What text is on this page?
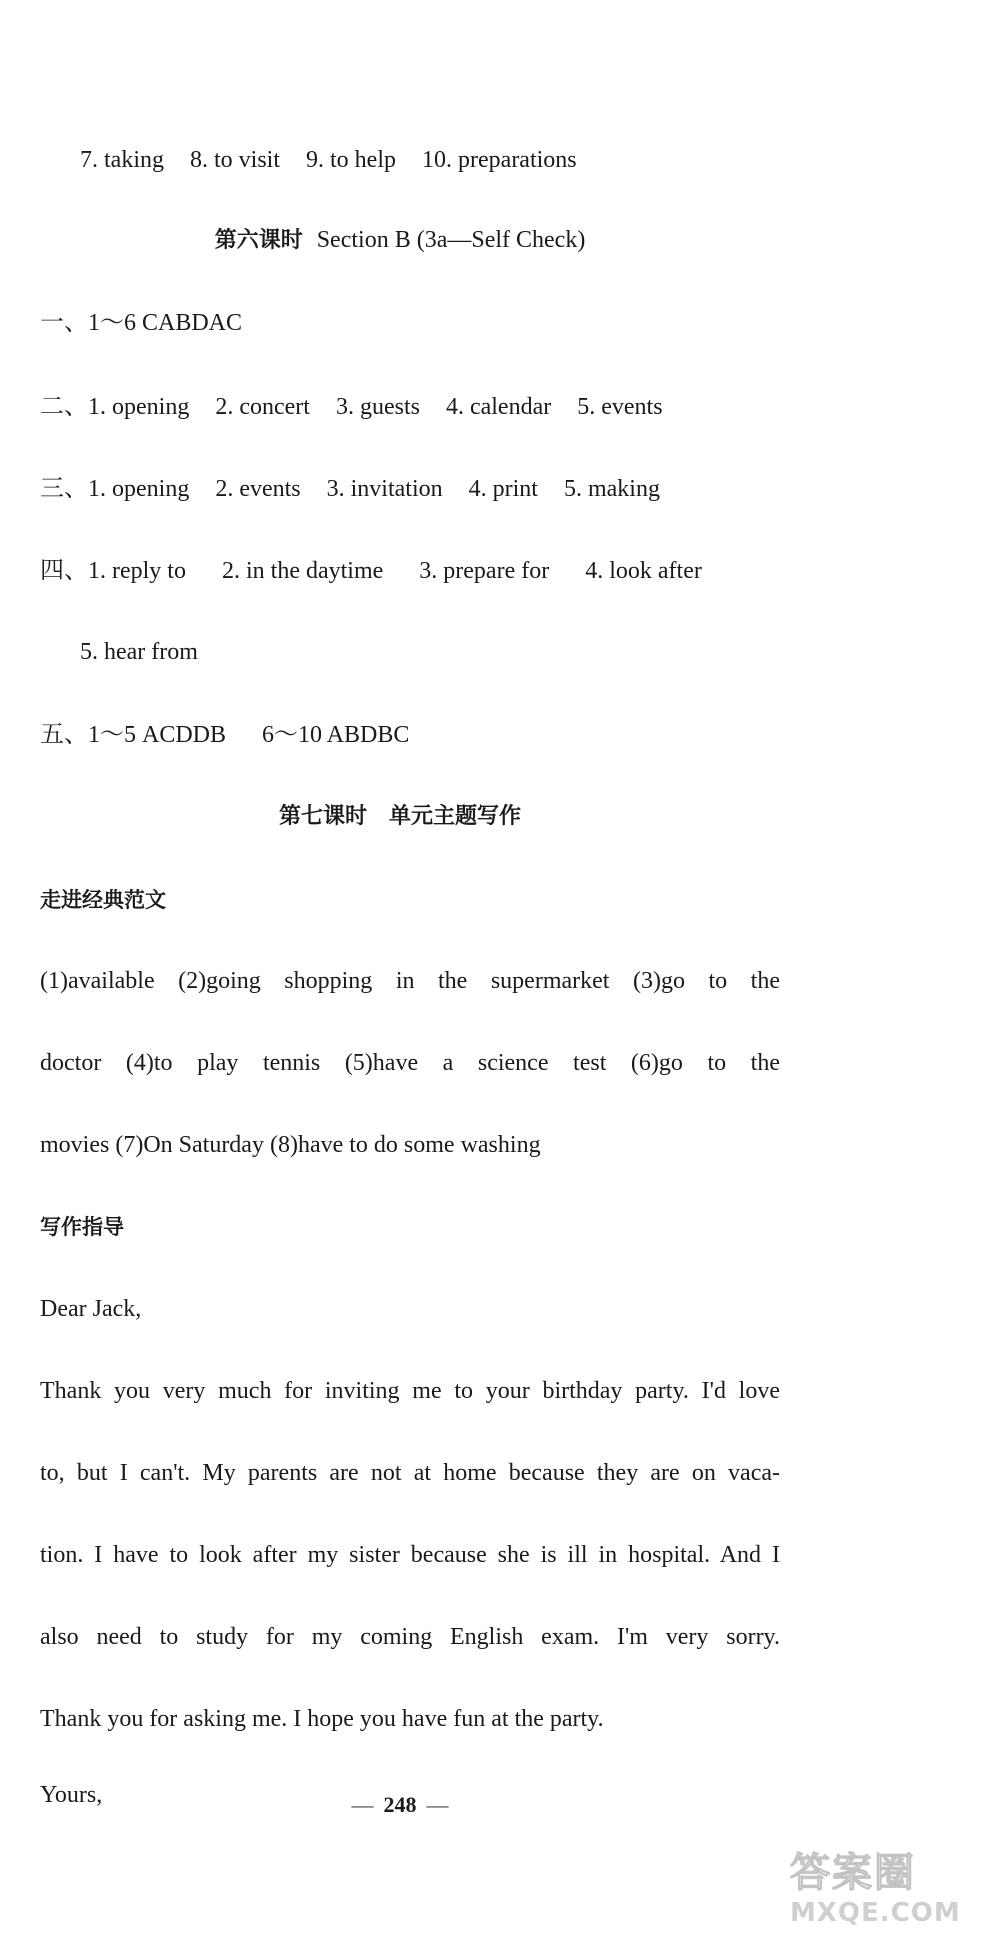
7. taking 8. to visit 9. to help 10. preparations
第六课时 Section B (3a—Self Check)
一、1～6 CABDAC
二、1. opening 2. concert 3. guests 4. calendar 5. events
三、1. opening 2. events 3. invitation 4. print 5. making
四、1. reply to 2. in the daytime 3. prepare for 4. look after
5. hear from
五、1～5 ACDDB 6～10 ABDBC
第七课时　单元主题写作
走进经典范文
(1)available (2)going shopping in the supermarket (3)go to the
doctor (4)to play tennis (5)have a science test (6)go to the
movies (7)On Saturday (8)have to do some washing
写作指导
Dear Jack,
Thank you very much for inviting me to your birthday party. I'd love
to, but I can't. My parents are not at home because they are on vaca-
tion. I have to look after my sister because she is ill in hospital. And I
also need to study for my coming English exam. I'm very sorry.
Thank you for asking me. I hope you have fun at the party.
Yours,	— 248 —
答案圈
MXQE.COM
